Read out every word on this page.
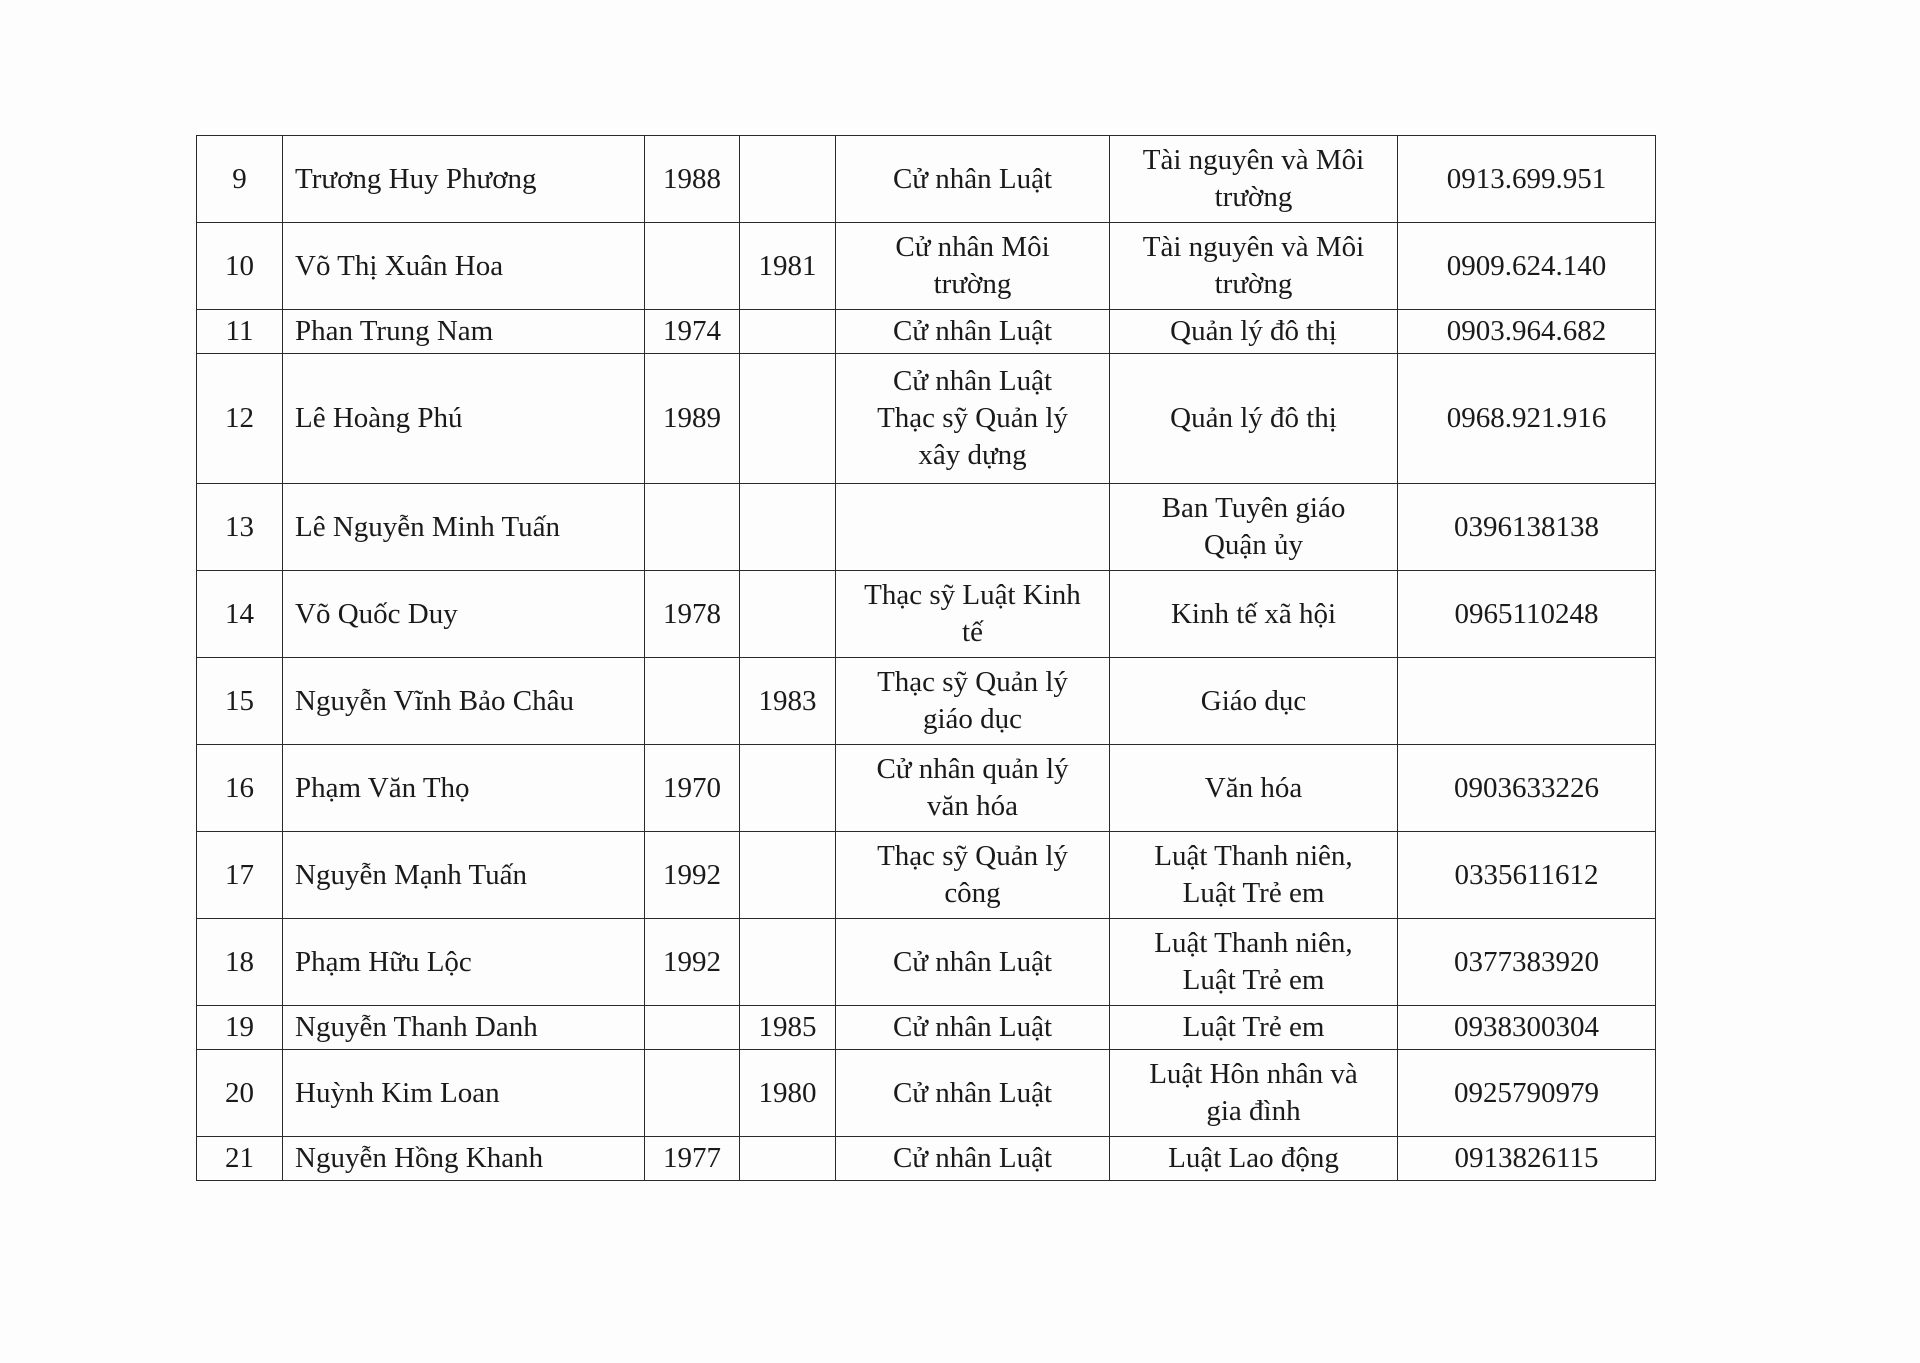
9	Trương Huy Phương	1988		Cử nhân Luật	Tài nguyên và Môi
trường	0913.699.951
10	Võ Thị Xuân Hoa		1981	Cử nhân Môi
trường	Tài nguyên và Môi
trường	0909.624.140
11	Phan Trung Nam	1974		Cử nhân Luật	Quản lý đô thị	0903.964.682
12	Lê Hoàng Phú	1989		Cử nhân Luật
Thạc sỹ Quản lý
xây dựng	Quản lý đô thị	0968.921.916
13	Lê Nguyễn Minh Tuấn				Ban Tuyên giáo
Quận ủy	0396138138
14	Võ Quốc Duy	1978		Thạc sỹ Luật Kinh
tế	Kinh tế xã hội	0965110248
15	Nguyễn Vĩnh Bảo Châu		1983	Thạc sỹ Quản lý
giáo dục	Giáo dục	
16	Phạm Văn Thọ	1970		Cử nhân quản lý
văn hóa	Văn hóa	0903633226
17	Nguyễn Mạnh Tuấn	1992		Thạc sỹ Quản lý
công	Luật Thanh niên,
Luật Trẻ em	0335611612
18	Phạm Hữu Lộc	1992		Cử nhân Luật	Luật Thanh niên,
Luật Trẻ em	0377383920
19	Nguyễn Thanh Danh		1985	Cử nhân Luật	Luật Trẻ em	0938300304
20	Huỳnh Kim Loan		1980	Cử nhân Luật	Luật Hôn nhân và
gia đình	0925790979
21	Nguyễn Hồng Khanh	1977		Cử nhân Luật	Luật Lao động	0913826115
